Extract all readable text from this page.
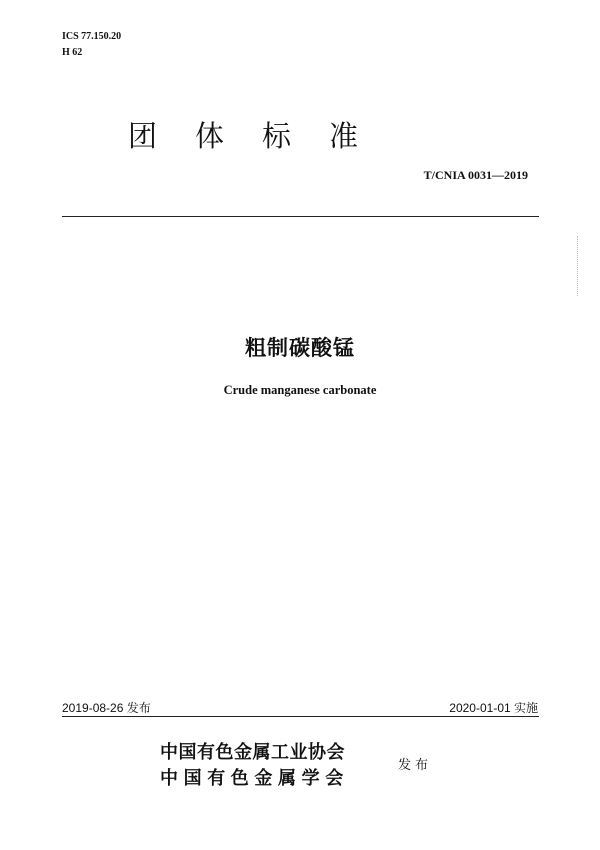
ICS 77.150.20
H 62
团体标准
T/CNIA 0031—2019
粗制碳酸锰
Crude manganese carbonate
2019-08-26 发布	2020-01-01 实施
中国有色金属工业协会
中国有色金属学会
发布
